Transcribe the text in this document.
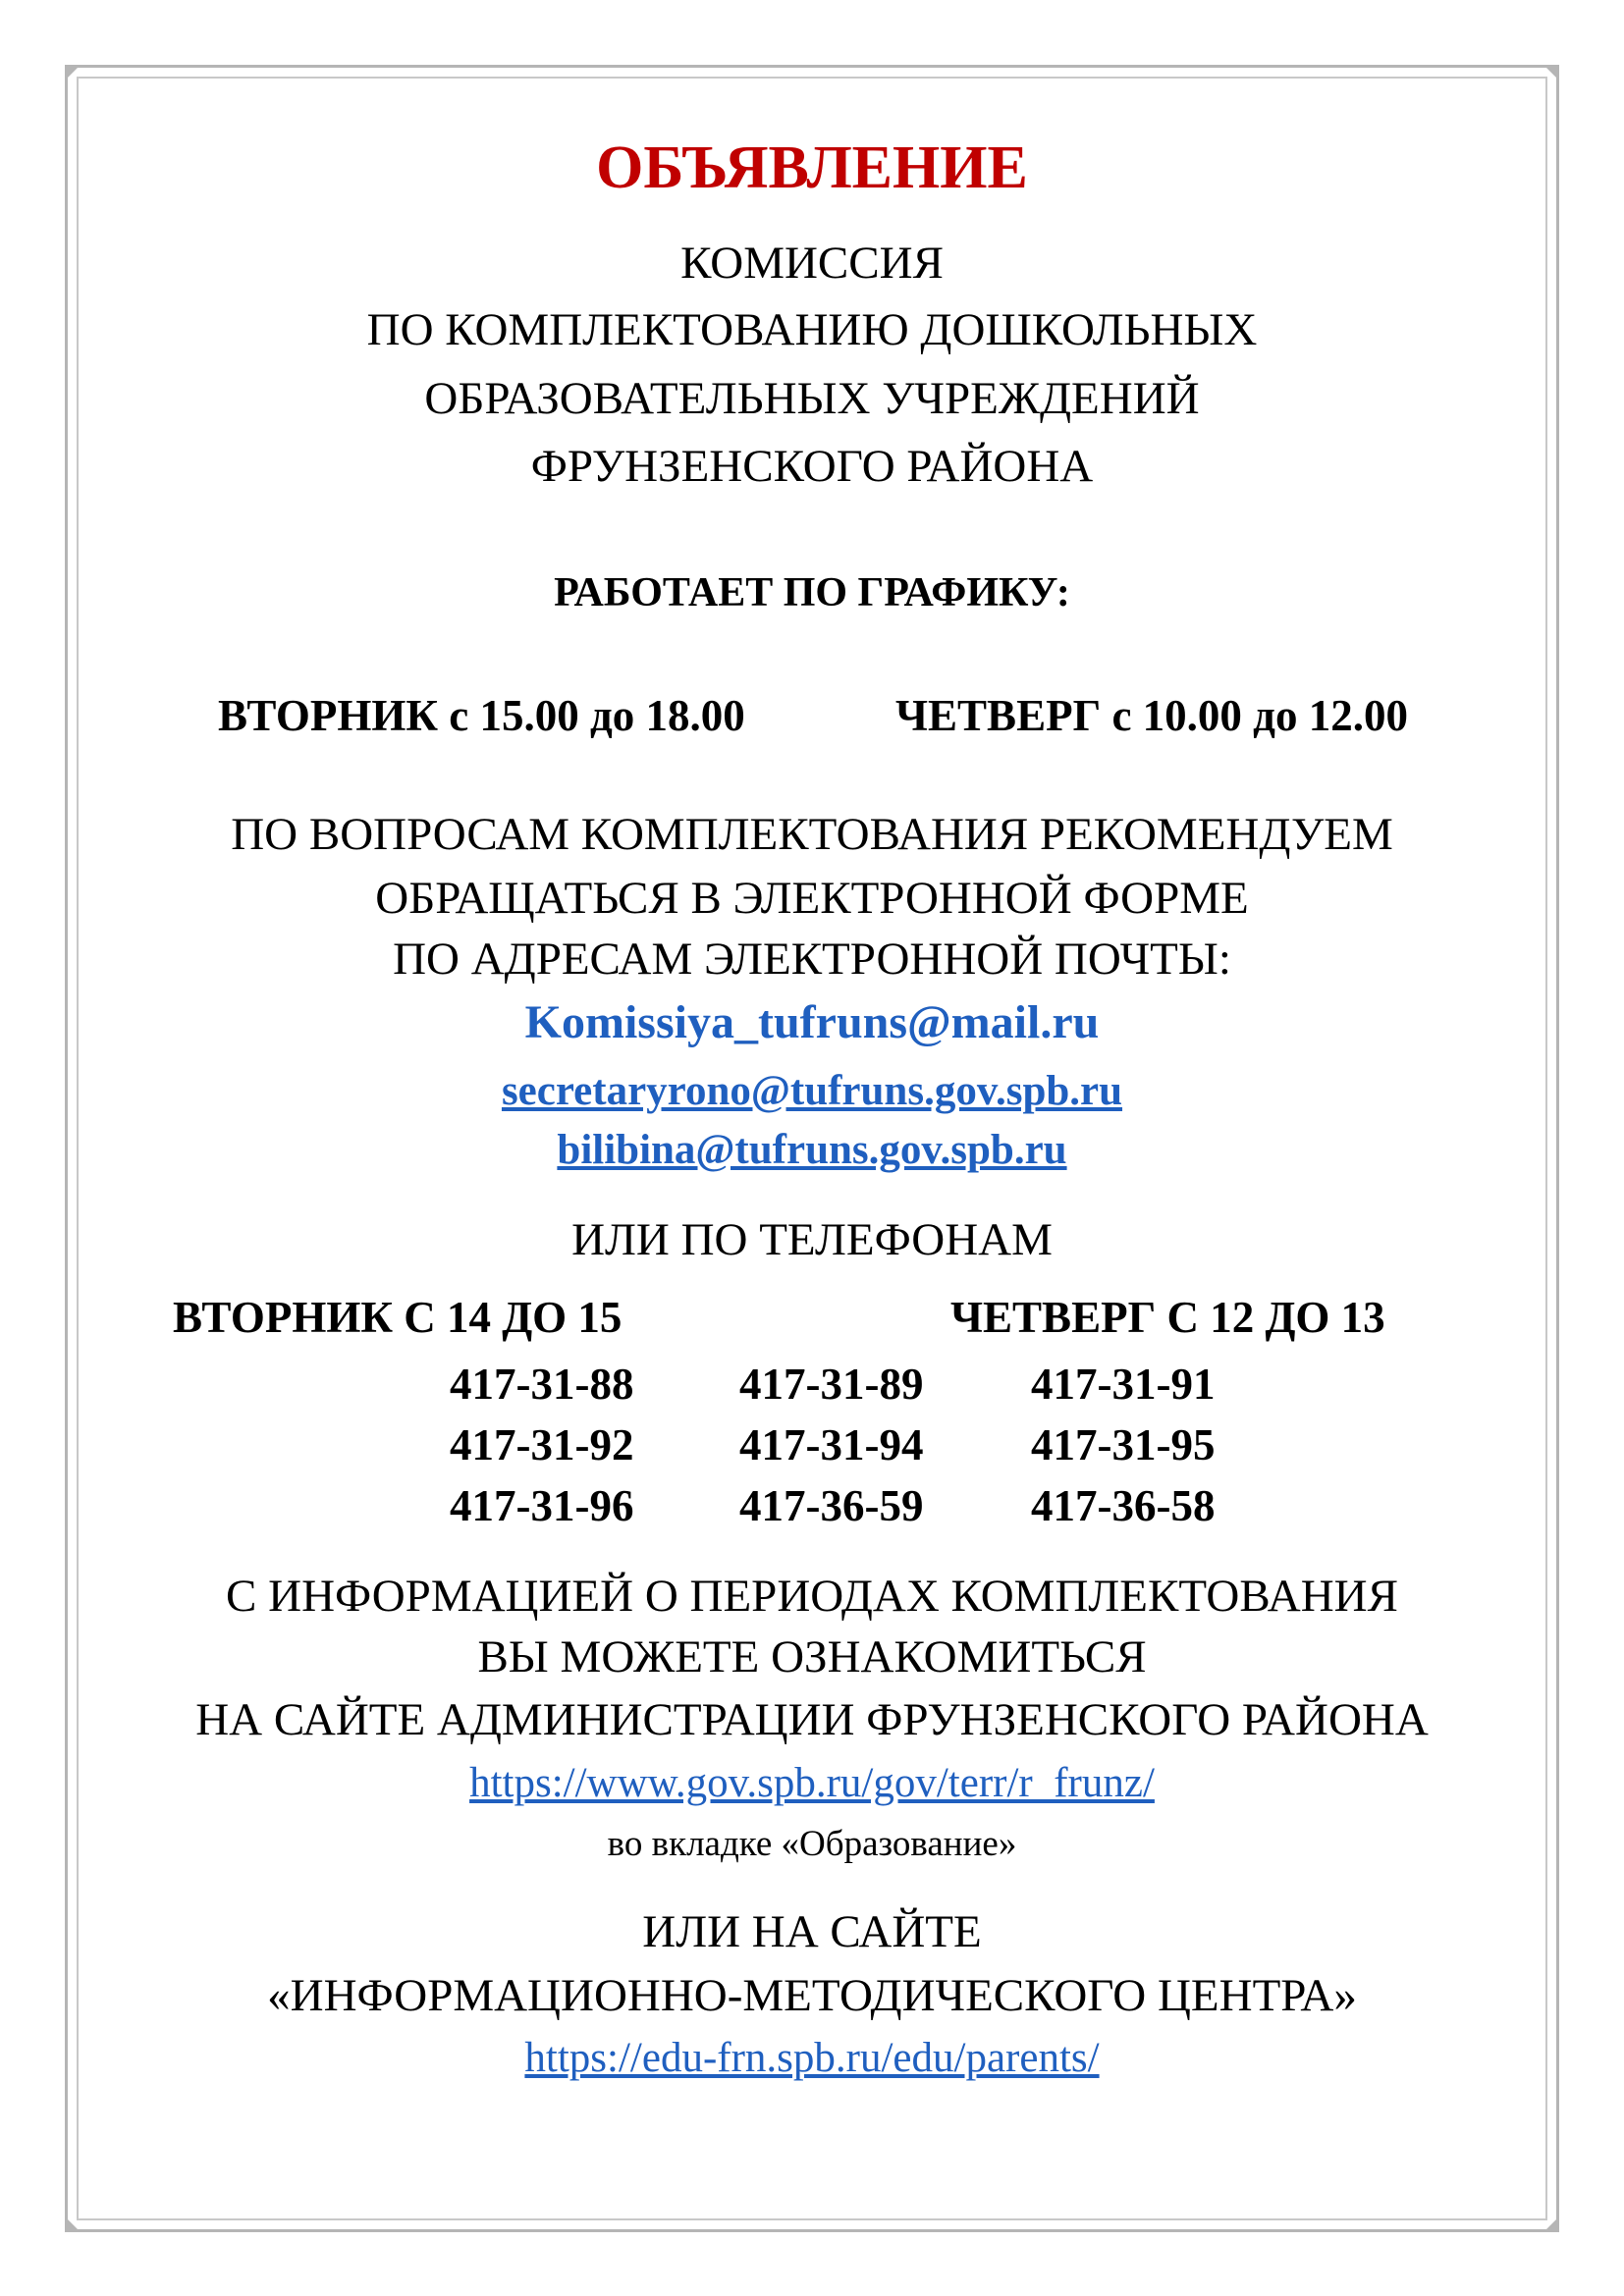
ОБЪЯВЛЕНИЕ
КОМИССИЯ
ПО КОМПЛЕКТОВАНИЮ ДОШКОЛЬНЫХ
ОБРАЗОВАТЕЛЬНЫХ УЧРЕЖДЕНИЙ
ФРУНЗЕНСКОГО РАЙОНА
РАБОТАЕТ ПО ГРАФИКУ:
ВТОРНИК с 15.00 до 18.00	ЧЕТВЕРГ с 10.00 до 12.00
ПО ВОПРОСАМ КОМПЛЕКТОВАНИЯ РЕКОМЕНДУЕМ
ОБРАЩАТЬСЯ В ЭЛЕКТРОННОЙ ФОРМЕ
ПО АДРЕСАМ ЭЛЕКТРОННОЙ ПОЧТЫ:
Komissiya_tufruns@mail.ru
secretaryrono@tufruns.gov.spb.ru
bilibina@tufruns.gov.spb.ru
ИЛИ ПО ТЕЛЕФОНАМ
ВТОРНИК С 14 ДО 15	ЧЕТВЕРГ С 12 ДО 13
417-31-88 417-31-89 417-31-91
417-31-92 417-31-94 417-31-95
417-31-96 417-36-59 417-36-58
С ИНФОРМАЦИЕЙ О ПЕРИОДАХ КОМПЛЕКТОВАНИЯ
ВЫ МОЖЕТЕ ОЗНАКОМИТЬСЯ
НА САЙТЕ АДМИНИСТРАЦИИ ФРУНЗЕНСКОГО РАЙОНА
https://www.gov.spb.ru/gov/terr/r_frunz/
во вкладке «Образование»
ИЛИ НА САЙТЕ
«ИНФОРМАЦИОННО-МЕТОДИЧЕСКОГО ЦЕНТРА»
https://edu-frn.spb.ru/edu/parents/
